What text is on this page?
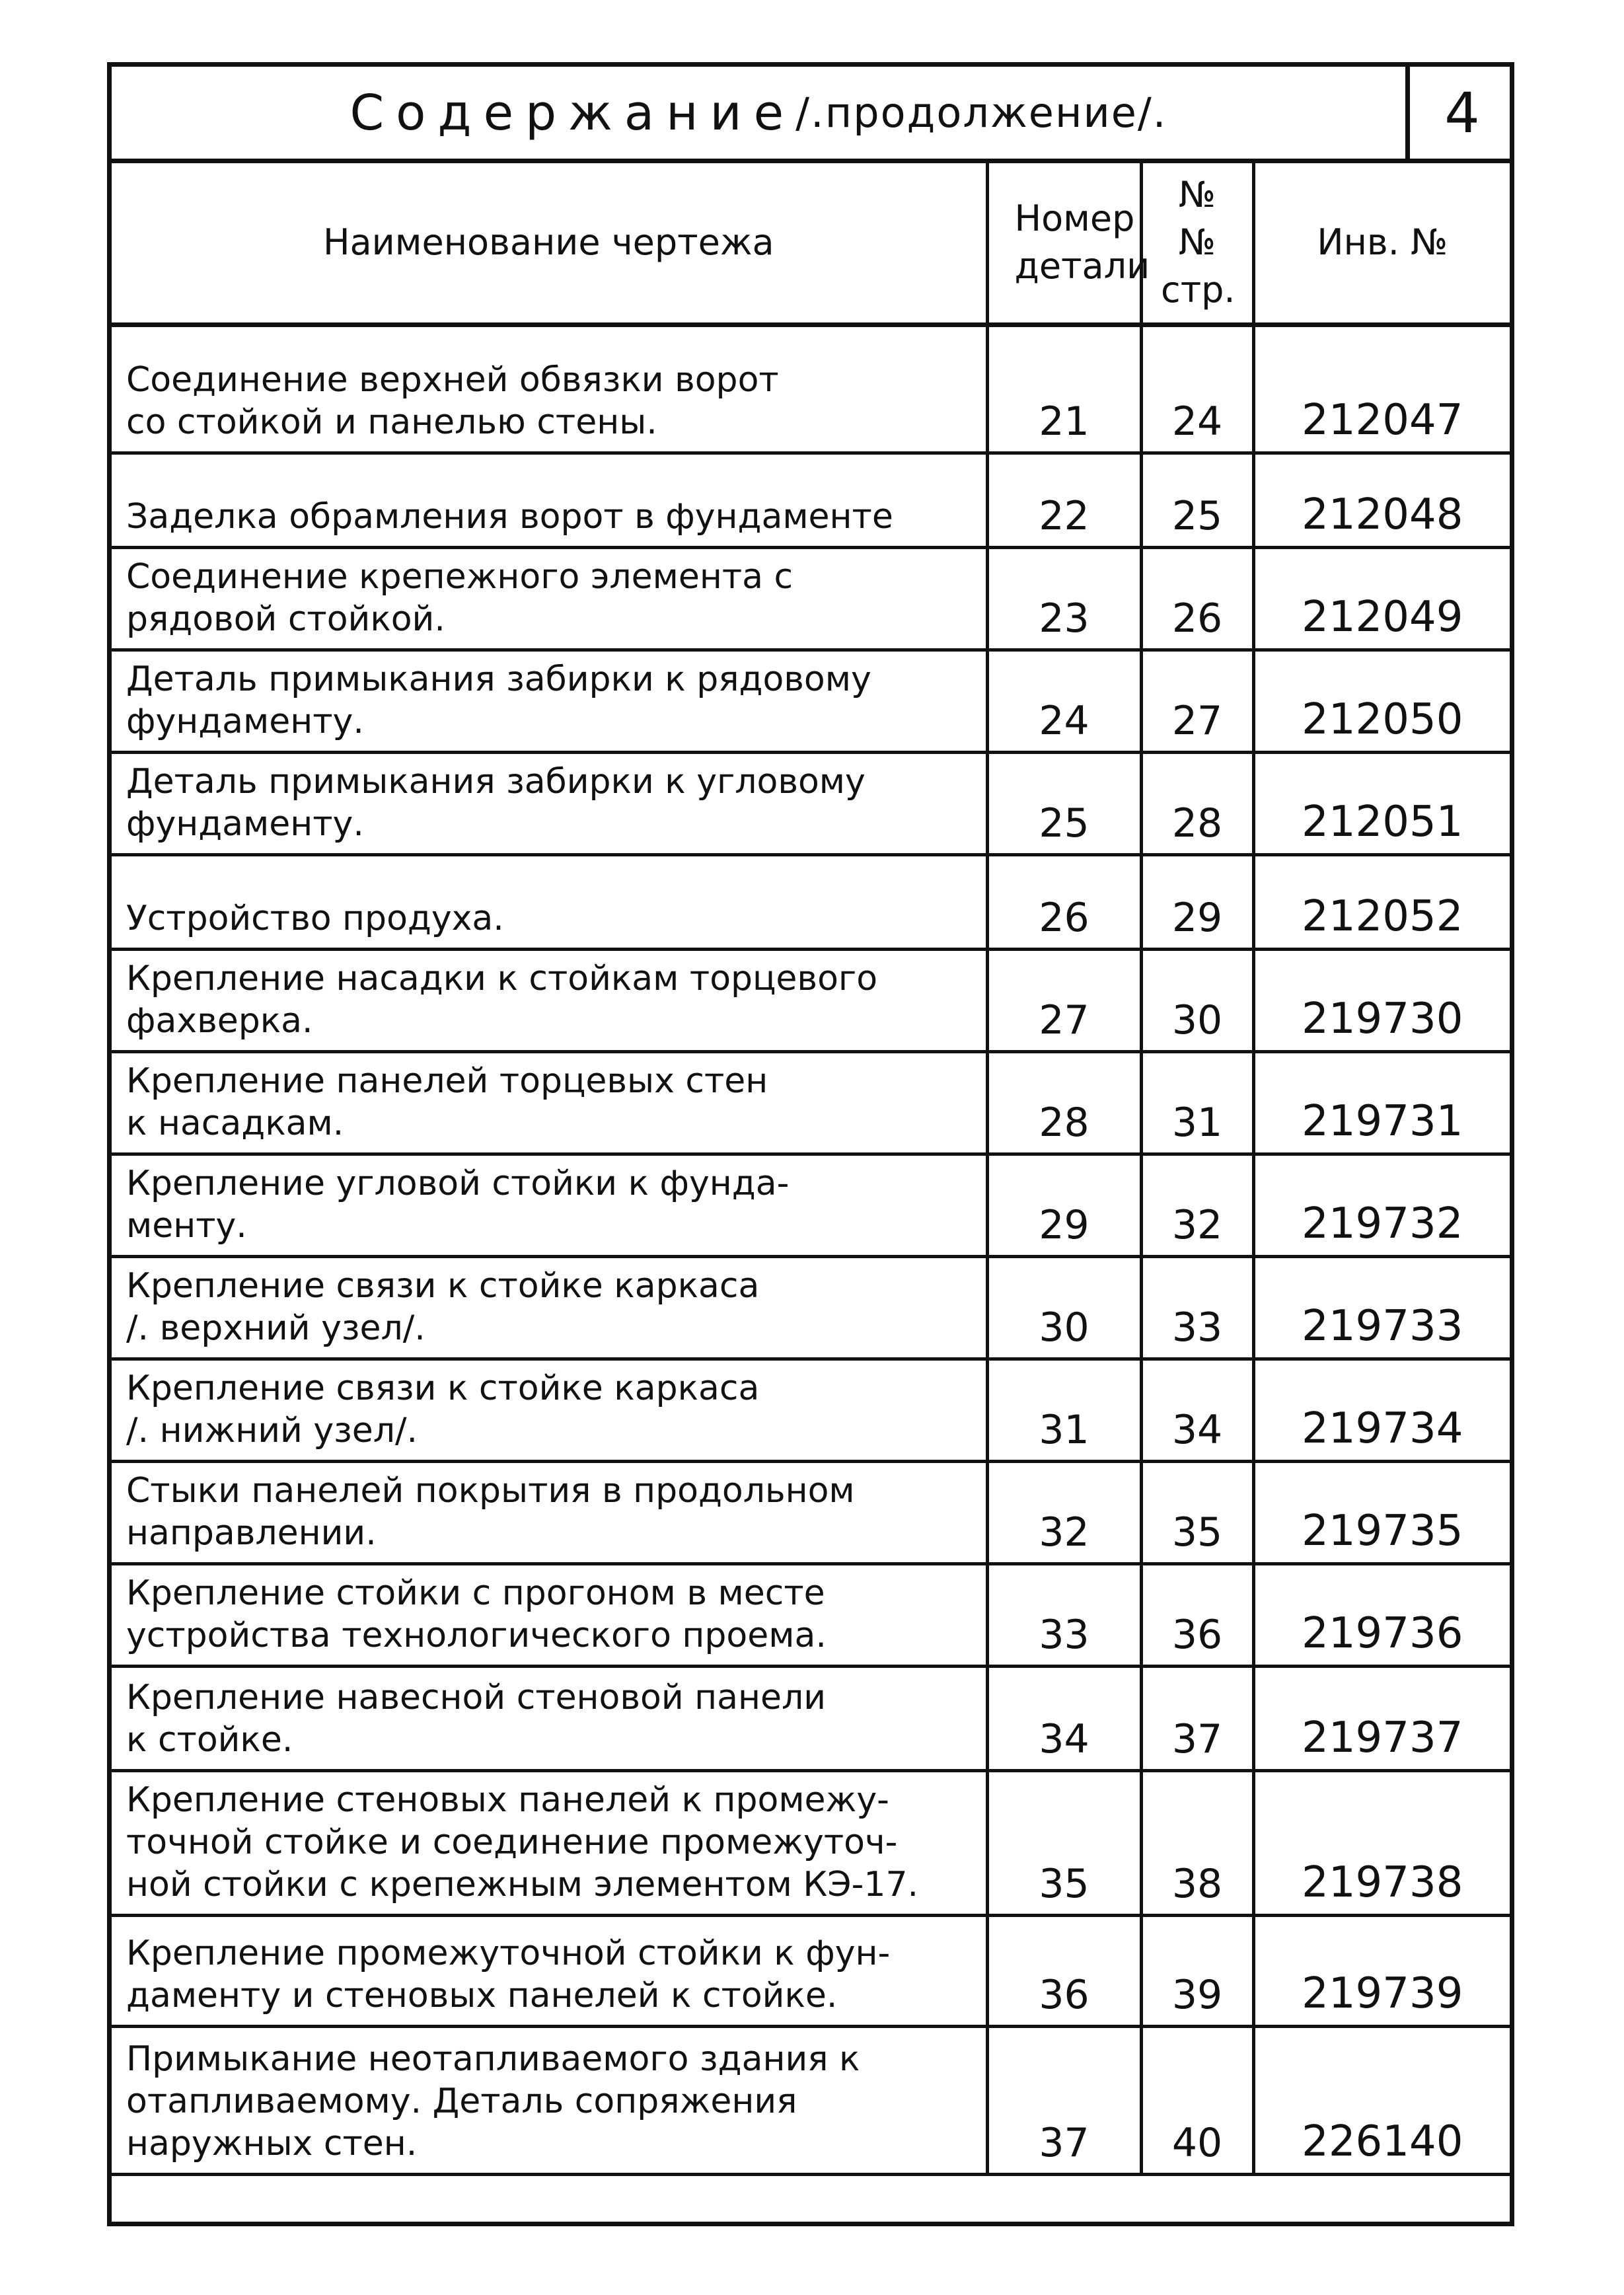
Содержание /.продолжение/.	4
Наименование чертежа	Номер детали	№№ стр.	Инв. №

Соединение верхней обвязки ворот
со стойкой и панелью стены.	21	24	212047

Заделка обрамления ворот в фундаменте	22	25	212048

Соединение крепежного элемента с
рядовой стойкой.	23	26	212049

Деталь примыкания забирки к рядовому
фундаменту.	24	27	212050

Деталь примыкания забирки к угловому
фундаменту.	25	28	212051

Устройство продуха.	26	29	212052

Крепление насадки к стойкам торцевого
фахверка.	27	30	219730

Крепление панелей торцевых стен
к насадкам.	28	31	219731

Крепление угловой стойки к фунда-
менту.	29	32	219732

Крепление связи к стойке каркаса
/. верхний узел/.	30	33	219733

Крепление связи к стойке каркаса
/. нижний узел/.	31	34	219734

Стыки панелей покрытия в продольном
направлении.	32	35	219735

Крепление стойки с прогоном в месте
устройства технологического проема.	33	36	219736

Крепление навесной стеновой панели
к стойке.	34	37	219737

Крепление стеновых панелей к промежу-
точной стойке и соединение промежуточ-
ной стойки с крепежным элементом КЭ-17.	35	38	219738

Крепление промежуточной стойки к фун-
даменту и стеновых панелей к стойке.	36	39	219739

Примыкание неотапливаемого здания к
отапливаемому. Деталь сопряжения
наружных стен.	37	40	226140
